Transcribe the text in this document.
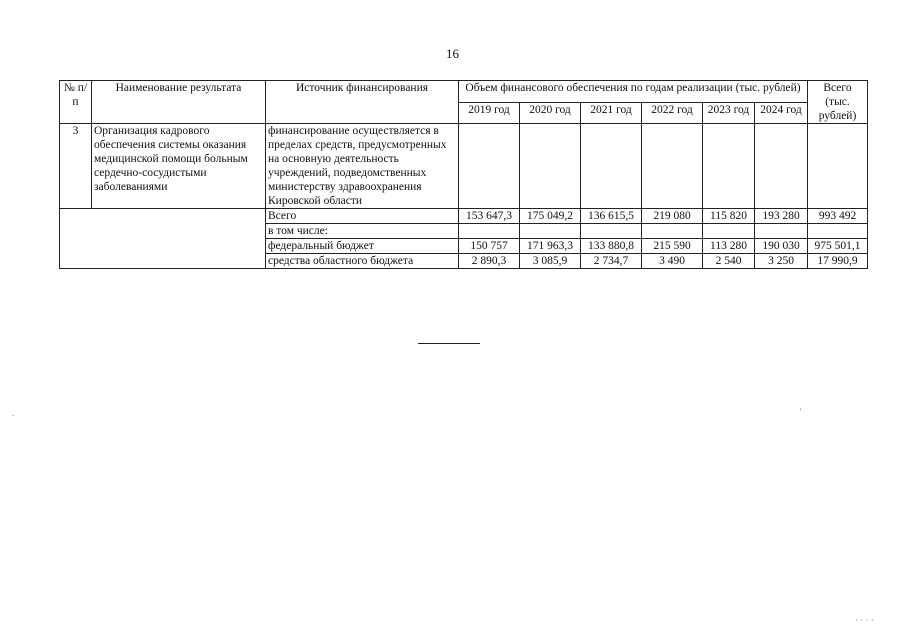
16
№ п/п	Наименование результата	Источник финансирования	Объем финансового обеспечения по годам реализации (тыс. рублей)						Всего (тыс. рублей)
			2019 год	2020 год	2021 год	2022 год	2023 год	2024 год	
3	Организация кадрового обеспечения системы оказания медицинской помощи больным сердечно-сосудистыми заболеваниями	финансирование осуществляется в пределах средств, предусмотренных на основную деятельность учреждений, подведомственных министерству здравоохранения Кировской области							
		Всего	153 647,3	175 049,2	136 615,5	219 080	115 820	193 280	993 492
		в том числе:							
		федеральный бюджет	150 757	171 963,3	133 880,8	215 590	113 280	190 030	975 501,1
		средства областного бюджета	2 890,3	3 085,9	2 734,7	3 490	2 540	3 250	17 990,9
'
.
· · · ·
